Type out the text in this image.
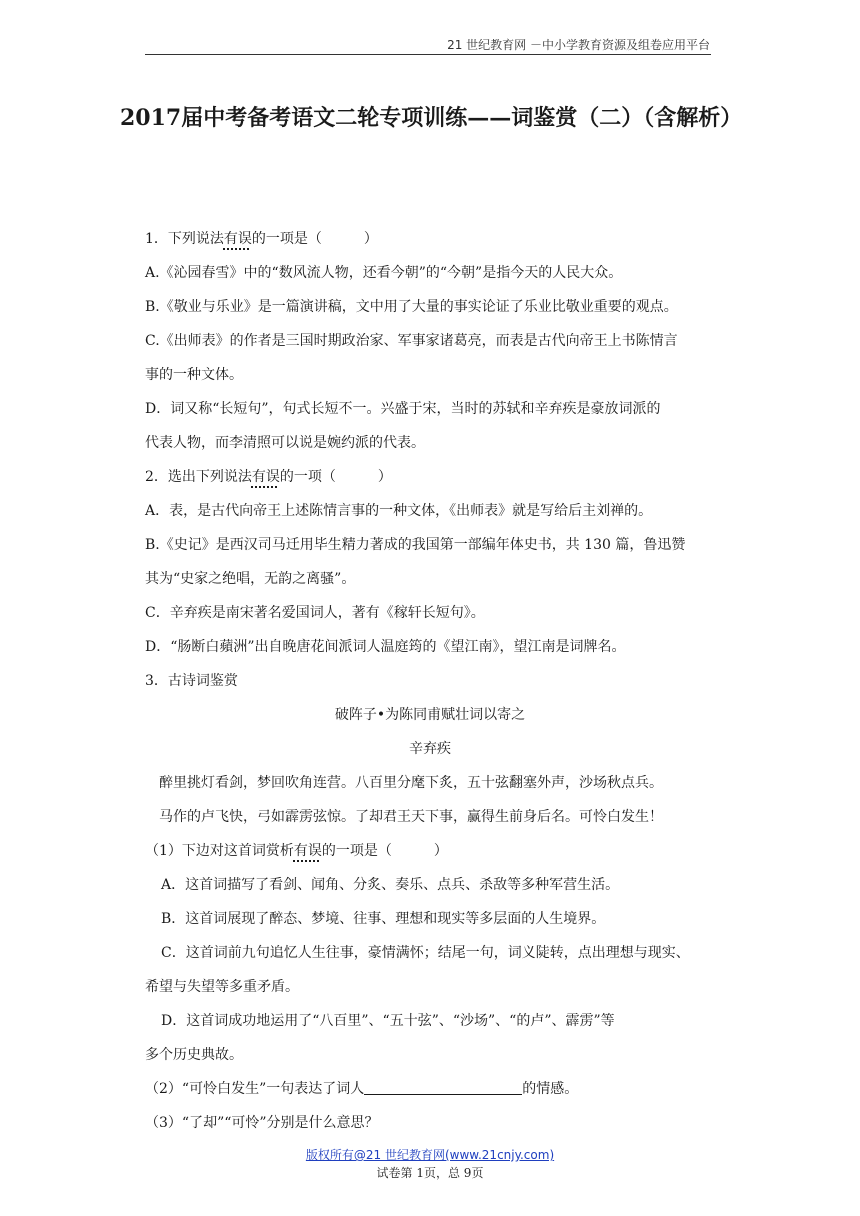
21 世纪教育网 －中小学教育资源及组卷应用平台
2017届中考备考语文二轮专项训练——词鉴赏（二）（含解析）
1．下列说法有误的一项是（　　　）
A.《沁园春雪》中的“数风流人物，还看今朝”的“今朝”是指今天的人民大众。
B.《敬业与乐业》是一篇演讲稿，文中用了大量的事实论证了乐业比敬业重要的观点。
C.《出师表》的作者是三国时期政治家、军事家诸葛亮，而表是古代向帝王上书陈情言
事的一种文体。
D．词又称“长短句”，句式长短不一。兴盛于宋，当时的苏轼和辛弃疾是豪放词派的
代表人物，而李清照可以说是婉约派的代表。
2．选出下列说法有误的一项（　　　）
A．表，是古代向帝王上述陈情言事的一种文体，《出师表》就是写给后主刘禅的。
B.《史记》是西汉司马迁用毕生精力著成的我国第一部编年体史书，共 130 篇，鲁迅赞
其为“史家之绝唱，无韵之离骚”。
C．辛弃疾是南宋著名爱国词人，著有《稼轩长短句》。
D．“肠断白蘋洲”出自晚唐花间派词人温庭筠的《望江南》，望江南是词牌名。
3．古诗词鉴赏
破阵子•为陈同甫赋壮词以寄之
辛弃疾
醉里挑灯看剑，梦回吹角连营。八百里分麾下炙，五十弦翻塞外声，沙场秋点兵。
马作的卢飞快，弓如霹雳弦惊。了却君王天下事，赢得生前身后名。可怜白发生！
（1）下边对这首词赏析有误的一项是（　　　）
A．这首词描写了看剑、闻角、分炙、奏乐、点兵、杀敌等多种军营生活。
B．这首词展现了醉态、梦境、往事、理想和现实等多层面的人生境界。
C．这首词前九句追忆人生往事，豪情满怀；结尾一句，词义陡转，点出理想与现实、
希望与失望等多重矛盾。
D．这首词成功地运用了“八百里”、“五十弦”、“沙场”、“的卢”、霹雳”等
多个历史典故。
（2）“可怜白发生”一句表达了词人	的情感。
（3）“了却”“可怜”分别是什么意思？
版权所有@21 世纪教育网(www.21cnjy.com)
试卷第 1页，总 9页
